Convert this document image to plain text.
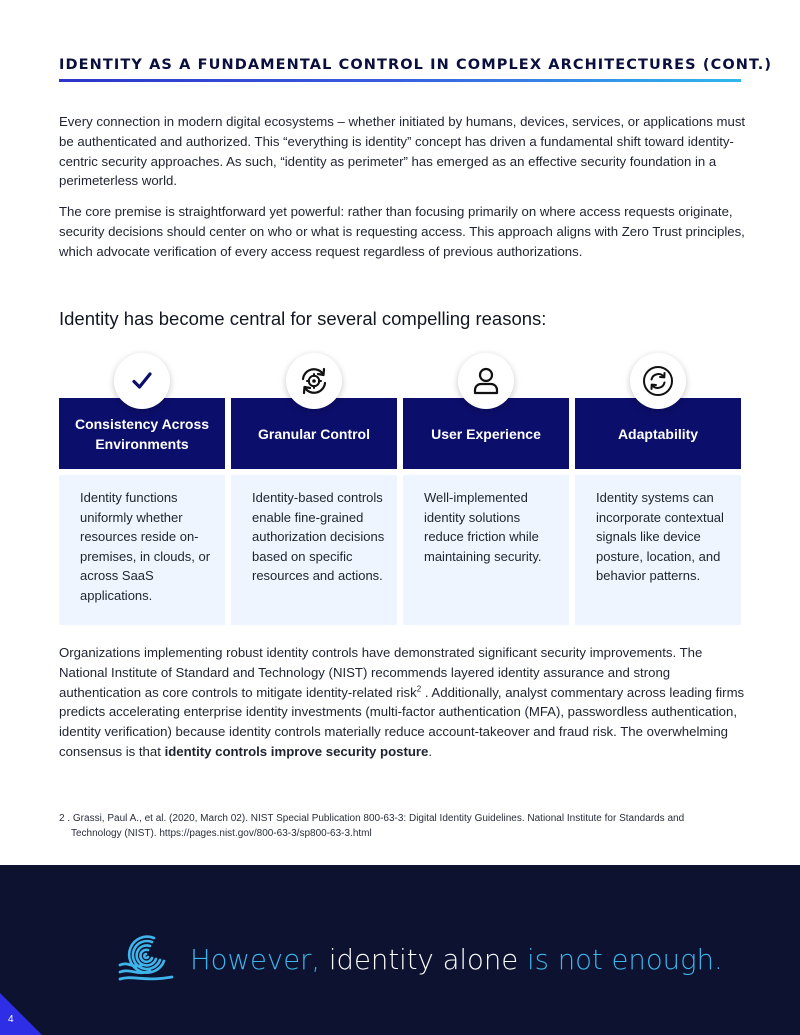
IDENTITY AS A FUNDAMENTAL CONTROL IN COMPLEX ARCHITECTURES (CONT.)

Every connection in modern digital ecosystems – whether initiated by humans, devices, services, or applications must be authenticated and authorized. This “everything is identity” concept has driven a fundamental shift toward identity-centric security approaches. As such, “identity as perimeter” has emerged as an effective security foundation in a perimeterless world.

The core premise is straightforward yet powerful: rather than focusing primarily on where access requests originate, security decisions should center on who or what is requesting access. This approach aligns with Zero Trust principles, which advocate verification of every access request regardless of previous authorizations.

Identity has become central for several compelling reasons:
Consistency Across Environments
Identity functions uniformly whether resources reside on-premises, in clouds, or across SaaS applications.
Granular Control
Identity-based controls enable fine-grained authorization decisions based on specific resources and actions.
User Experience
Well-implemented identity solutions reduce friction while maintaining security.
Adaptability
Identity systems can incorporate contextual signals like device posture, location, and behavior patterns.

Organizations implementing robust identity controls have demonstrated significant security improvements. The National Institute of Standard and Technology (NIST) recommends layered identity assurance and strong authentication as core controls to mitigate identity-related risk$^2$ . Additionally, analyst commentary across leading firms predicts accelerating enterprise identity investments (multi-factor authentication (MFA), passwordless authentication, identity verification) because identity controls materially reduce account-takeover and fraud risk. The overwhelming consensus is that identity controls improve security posture.

2 . Grassi, Paul A., et al. (2020, March 02). NIST Special Publication 800-63-3: Digital Identity Guidelines. National Institute for Standards and
Technology (NIST). https://pages.nist.gov/800-63-3/sp800-63-3.html
However, identity alone is not enough.
4
